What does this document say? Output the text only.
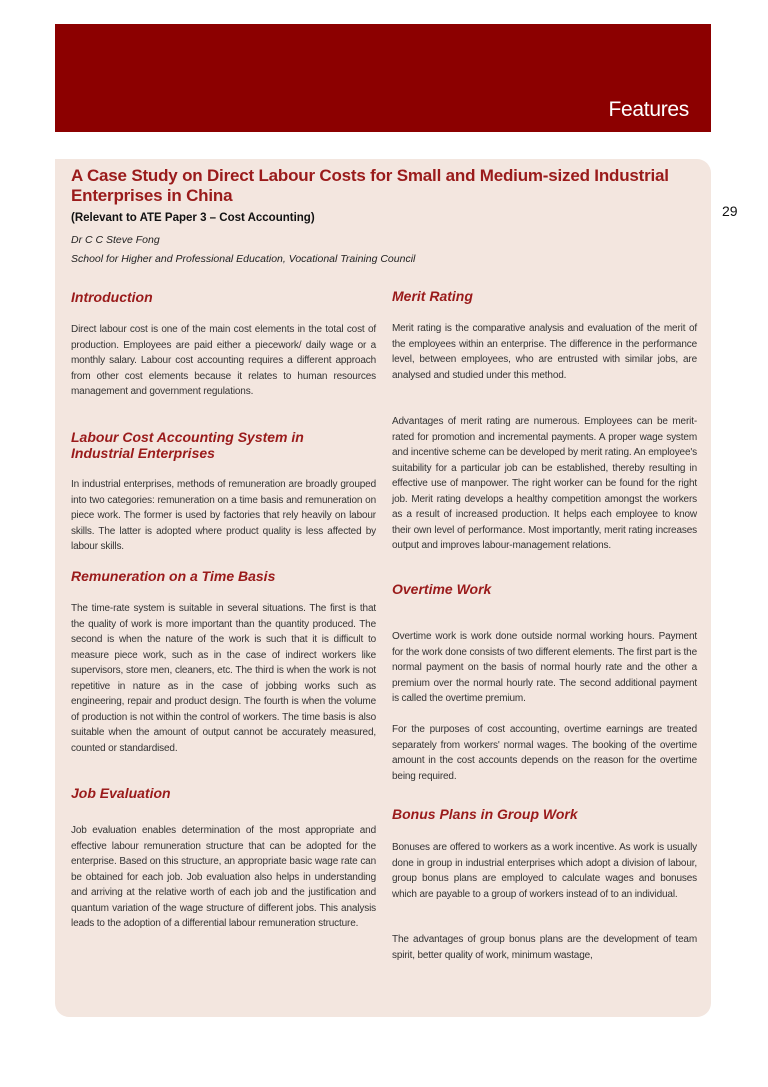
Features
29
A Case Study on Direct Labour Costs for Small and Medium-sized Industrial Enterprises in China
(Relevant to ATE Paper 3 – Cost Accounting)
Dr C C Steve Fong
School for Higher and Professional Education, Vocational Training Council
Introduction
Direct labour cost is one of the main cost elements in the total cost of production. Employees are paid either a piecework/ daily wage or a monthly salary. Labour cost accounting requires a different approach from other cost elements because it relates to human resources management and government regulations.
Labour Cost Accounting System in Industrial Enterprises
In industrial enterprises, methods of remuneration are broadly grouped into two categories: remuneration on a time basis and remuneration on piece work. The former is used by factories that rely heavily on labour skills. The latter is adopted where product quality is less affected by labour skills.
Remuneration on a Time Basis
The time-rate system is suitable in several situations. The first is that the quality of work is more important than the quantity produced. The second is when the nature of the work is such that it is difficult to measure piece work, such as in the case of indirect workers like supervisors, store men, cleaners, etc. The third is when the work is not repetitive in nature as in the case of jobbing works such as engineering, repair and product design. The fourth is when the volume of production is not within the control of workers. The time basis is also suitable when the amount of output cannot be accurately measured, counted or standardised.
Job Evaluation
Job evaluation enables determination of the most appropriate and effective labour remuneration structure that can be adopted for the enterprise. Based on this structure, an appropriate basic wage rate can be obtained for each job. Job evaluation also helps in understanding and arriving at the relative worth of each job and the justification and quantum variation of the wage structure of different jobs. This analysis leads to the adoption of a differential labour remuneration structure.
Merit Rating
Merit rating is the comparative analysis and evaluation of the merit of the employees within an enterprise. The difference in the performance level, between employees, who are entrusted with similar jobs, are analysed and studied under this method.
Advantages of merit rating are numerous. Employees can be merit-rated for promotion and incremental payments. A proper wage system and incentive scheme can be developed by merit rating. An employee's suitability for a particular job can be established, thereby resulting in effective use of manpower. The right worker can be found for the right job. Merit rating develops a healthy competition amongst the workers as a result of increased production. It helps each employee to know their own level of performance. Most importantly, merit rating increases output and improves labour-management relations.
Overtime Work
Overtime work is work done outside normal working hours. Payment for the work done consists of two different elements. The first part is the normal payment on the basis of normal hourly rate and the other a premium over the normal hourly rate. The second additional payment is called the overtime premium.
For the purposes of cost accounting, overtime earnings are treated separately from workers' normal wages. The booking of the overtime amount in the cost accounts depends on the reason for the overtime being required.
Bonus Plans in Group Work
Bonuses are offered to workers as a work incentive. As work is usually done in group in industrial enterprises which adopt a division of labour, group bonus plans are employed to calculate wages and bonuses which are payable to a group of workers instead of to an individual.
The advantages of group bonus plans are the development of team spirit, better quality of work, minimum wastage,
